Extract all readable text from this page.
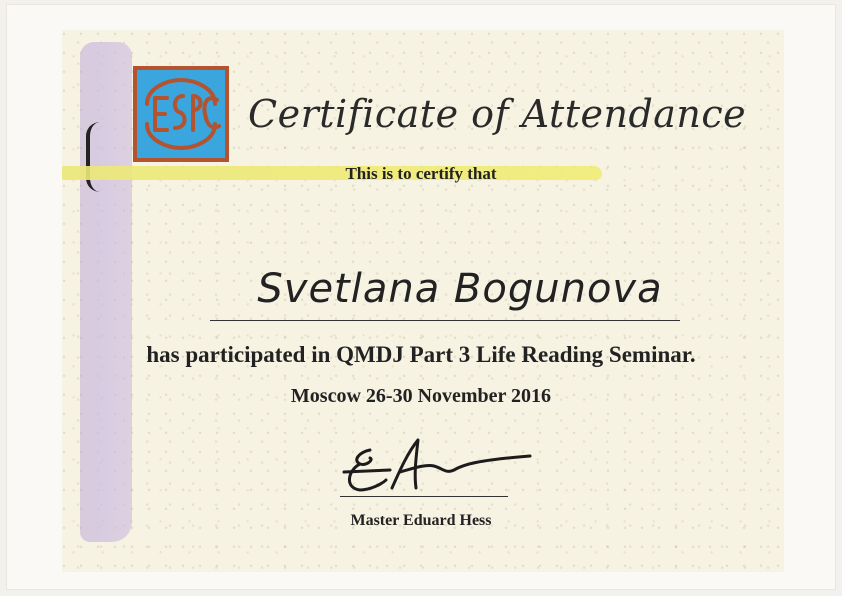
Certificate of Attendance
This is to certify that
Svetlana Bogunova
has participated in QMDJ Part 3 Life Reading Seminar.
Moscow 26-30 November 2016
Master Eduard Hess
